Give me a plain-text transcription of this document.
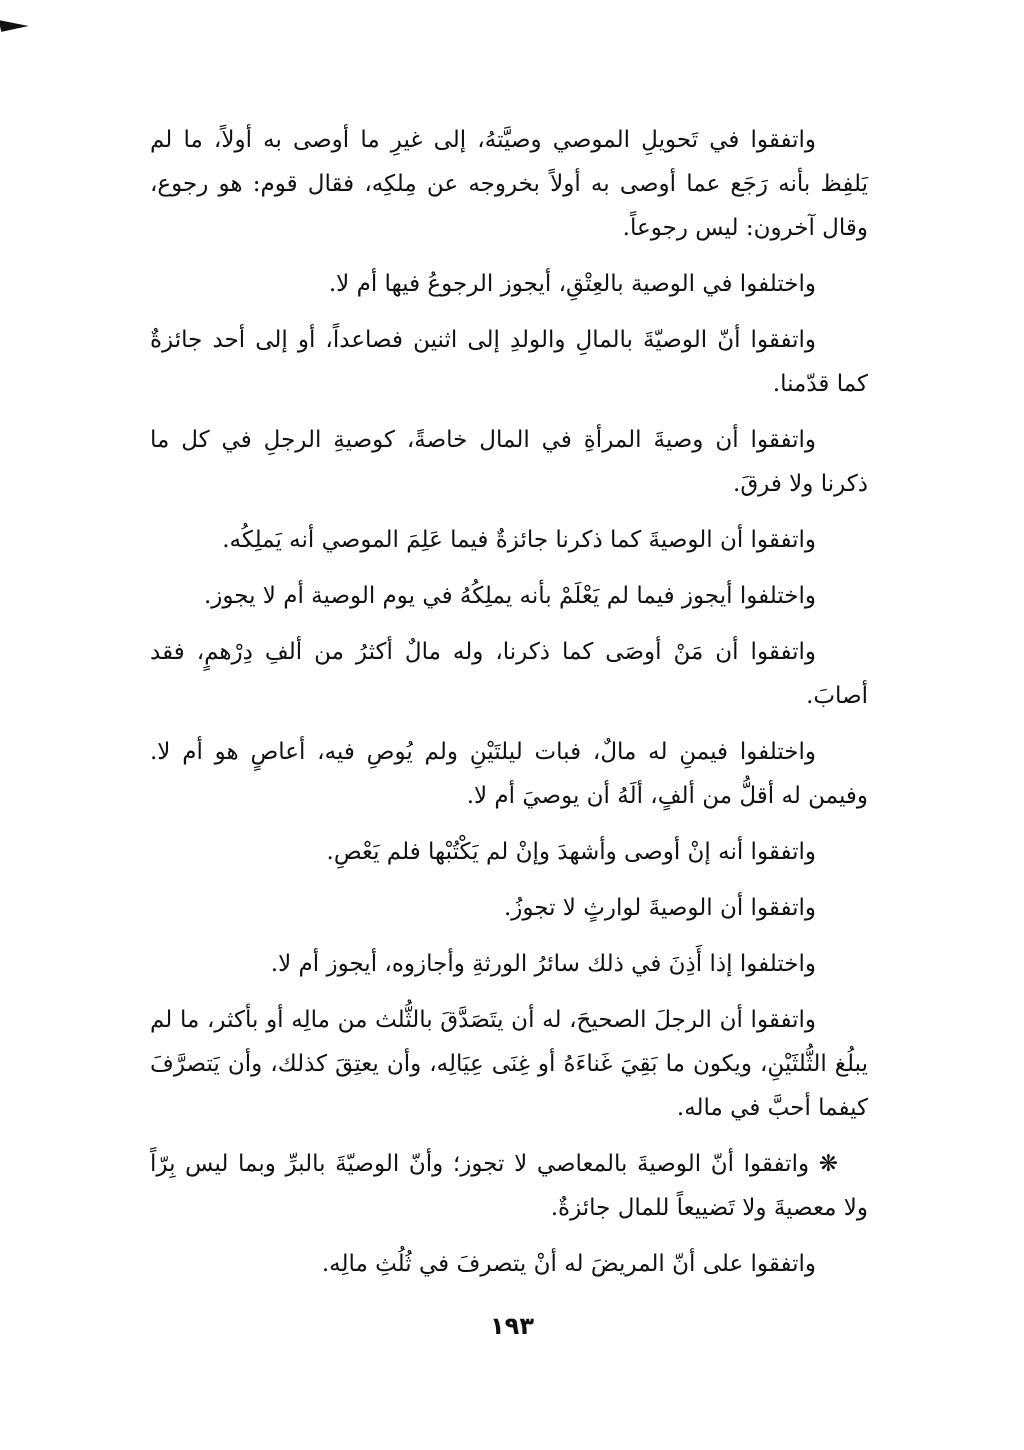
واتفقوا في تَحويلِ الموصي وصيَّتهُ، إلى غيرِ ما أوصى به أولاً، ما لم يَلفِظ بأنه رَجَع عما أوصى به أولاً بخروجه عن مِلكِه، فقال قوم: هو رجوع، وقال آخرون: ليس رجوعاً.

واختلفوا في الوصية بالعِتْقِ، أيجوز الرجوعُ فيها أم لا.

واتفقوا أنّ الوصيّةَ بالمالِ والولدِ إلى اثنين فصاعداً، أو إلى أحد جائزةٌ كما قدّمنا.

واتفقوا أن وصيةَ المرأةِ في المال خاصةً، كوصيةِ الرجلِ في كل ما ذكرنا ولا فرقَ.

واتفقوا أن الوصيةَ كما ذكرنا جائزةٌ فيما عَلِمَ الموصي أنه يَملِكُه.

واختلفوا أيجوز فيما لم يَعْلَمْ بأنه يملِكُهُ في يوم الوصية أم لا يجوز.

واتفقوا أن مَنْ أوصَى كما ذكرنا، وله مالٌ أكثرُ من ألفِ دِرْهمٍ، فقد أصابَ.

واختلفوا فيمنِ له مالٌ، فبات ليلتَيْنِ ولم يُوصِ فيه، أعاصٍ هو أم لا. وفيمن له أقلُّ من ألفٍ، ألَهُ أن يوصيَ أم لا.

واتفقوا أنه إنْ أوصى وأشهدَ وإنْ لم يَكْتُبْها فلم يَعْصِ.

واتفقوا أن الوصيةَ لوارثٍ لا تجوزُ.

واختلفوا إذا أَذِنَ في ذلك سائرُ الورثةِ وأجازوه، أيجوز أم لا.

واتفقوا أن الرجلَ الصحيحَ، له أن يتَصَدَّقَ بالثُّلث من مالِه أو بأكثر، ما لم يبلُغ الثُّلثَيْنِ، ويكون ما بَقِيَ غَناءَهُ أو غِنَى عِيَالِه، وأن يعتِقَ كذلك، وأن يَتصرَّفَ كيفما أحبَّ في ماله.

❋ واتفقوا أنّ الوصيةَ بالمعاصي لا تجوز؛ وأنّ الوصيّةَ بالبرِّ وبما ليس بِرّاً ولا معصيةَ ولا تَضييعاً للمال جائزةٌ.

واتفقوا على أنّ المريضَ له أنْ يتصرفَ في ثُلُثِ مالِه.

١٩٣
